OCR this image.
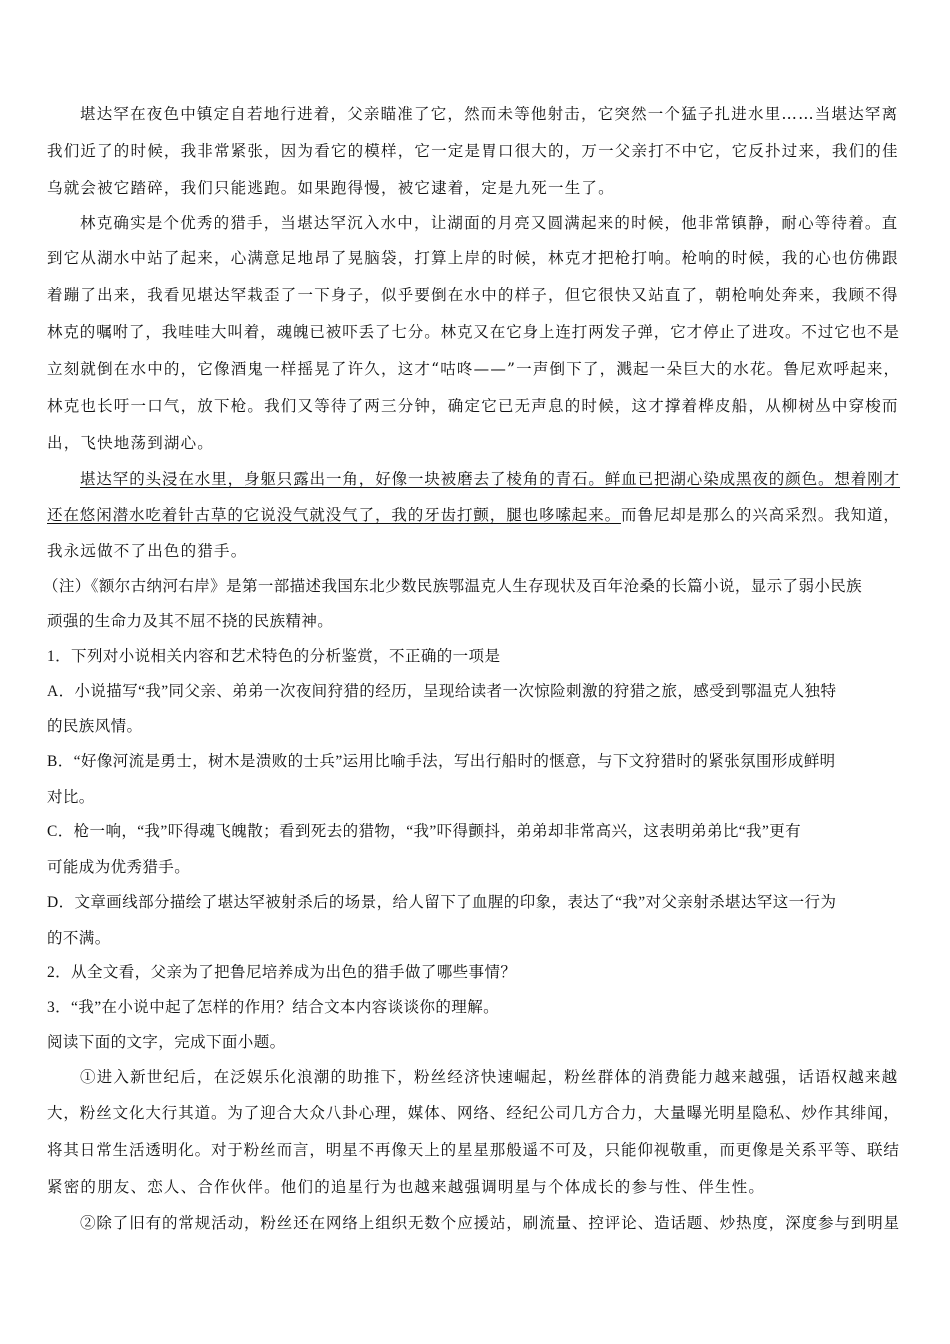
堪达罕在夜色中镇定自若地行进着，父亲瞄准了它，然而未等他射击，它突然一个猛子扎进水里……当堪达罕离
我们近了的时候，我非常紧张，因为看它的模样，它一定是胃口很大的，万一父亲打不中它，它反扑过来，我们的佳
乌就会被它踏碎，我们只能逃跑。如果跑得慢，被它逮着，定是九死一生了。
林克确实是个优秀的猎手，当堪达罕沉入水中，让湖面的月亮又圆满起来的时候，他非常镇静，耐心等待着。直
到它从湖水中站了起来，心满意足地昂了晃脑袋，打算上岸的时候，林克才把枪打响。枪响的时候，我的心也仿佛跟
着蹦了出来，我看见堪达罕栽歪了一下身子，似乎要倒在水中的样子，但它很快又站直了，朝枪响处奔来，我顾不得
林克的嘱咐了，我哇哇大叫着，魂魄已被吓丢了七分。林克又在它身上连打两发子弹，它才停止了进攻。不过它也不是
立刻就倒在水中的，它像酒鬼一样摇晃了许久，这才“咕咚——”一声倒下了，溅起一朵巨大的水花。鲁尼欢呼起来，
林克也长吁一口气，放下枪。我们又等待了两三分钟，确定它已无声息的时候，这才撑着桦皮船，从柳树丛中穿梭而
出，飞快地荡到湖心。
堪达罕的头浸在水里，身躯只露出一角，好像一块被磨去了棱角的青石。鲜血已把湖心染成黑夜的颜色。想着刚才
还在悠闲潜水吃着针古草的它说没气就没气了，我的牙齿打颤，腿也哆嗦起来。而鲁尼却是那么的兴高采烈。我知道，
我永远做不了出色的猎手。
（注）《额尔古纳河右岸》是第一部描述我国东北少数民族鄂温克人生存现状及百年沧桑的长篇小说，显示了弱小民族
顽强的生命力及其不屈不挠的民族精神。
1．下列对小说相关内容和艺术特色的分析鉴赏，不正确的一项是
A．小说描写“我”同父亲、弟弟一次夜间狩猎的经历，呈现给读者一次惊险刺激的狩猎之旅，感受到鄂温克人独特
的民族风情。
B．“好像河流是勇士，树木是溃败的士兵”运用比喻手法，写出行船时的惬意，与下文狩猎时的紧张氛围形成鲜明
对比。
C．枪一响，“我”吓得魂飞魄散；看到死去的猎物，“我”吓得颤抖，弟弟却非常高兴，这表明弟弟比“我”更有
可能成为优秀猎手。
D．文章画线部分描绘了堪达罕被射杀后的场景，给人留下了血腥的印象，表达了“我”对父亲射杀堪达罕这一行为
的不满。
2．从全文看，父亲为了把鲁尼培养成为出色的猎手做了哪些事情？
3．“我”在小说中起了怎样的作用？结合文本内容谈谈你的理解。
阅读下面的文字，完成下面小题。
①进入新世纪后，在泛娱乐化浪潮的助推下，粉丝经济快速崛起，粉丝群体的消费能力越来越强，话语权越来越
大，粉丝文化大行其道。为了迎合大众八卦心理，媒体、网络、经纪公司几方合力，大量曝光明星隐私、炒作其绯闻，
将其日常生活透明化。对于粉丝而言，明星不再像天上的星星那般遥不可及，只能仰视敬重，而更像是关系平等、联结
紧密的朋友、恋人、合作伙伴。他们的追星行为也越来越强调明星与个体成长的参与性、伴生性。
②除了旧有的常规活动，粉丝还在网络上组织无数个应援站，刷流量、控评论、造话题、炒热度，深度参与到明星
